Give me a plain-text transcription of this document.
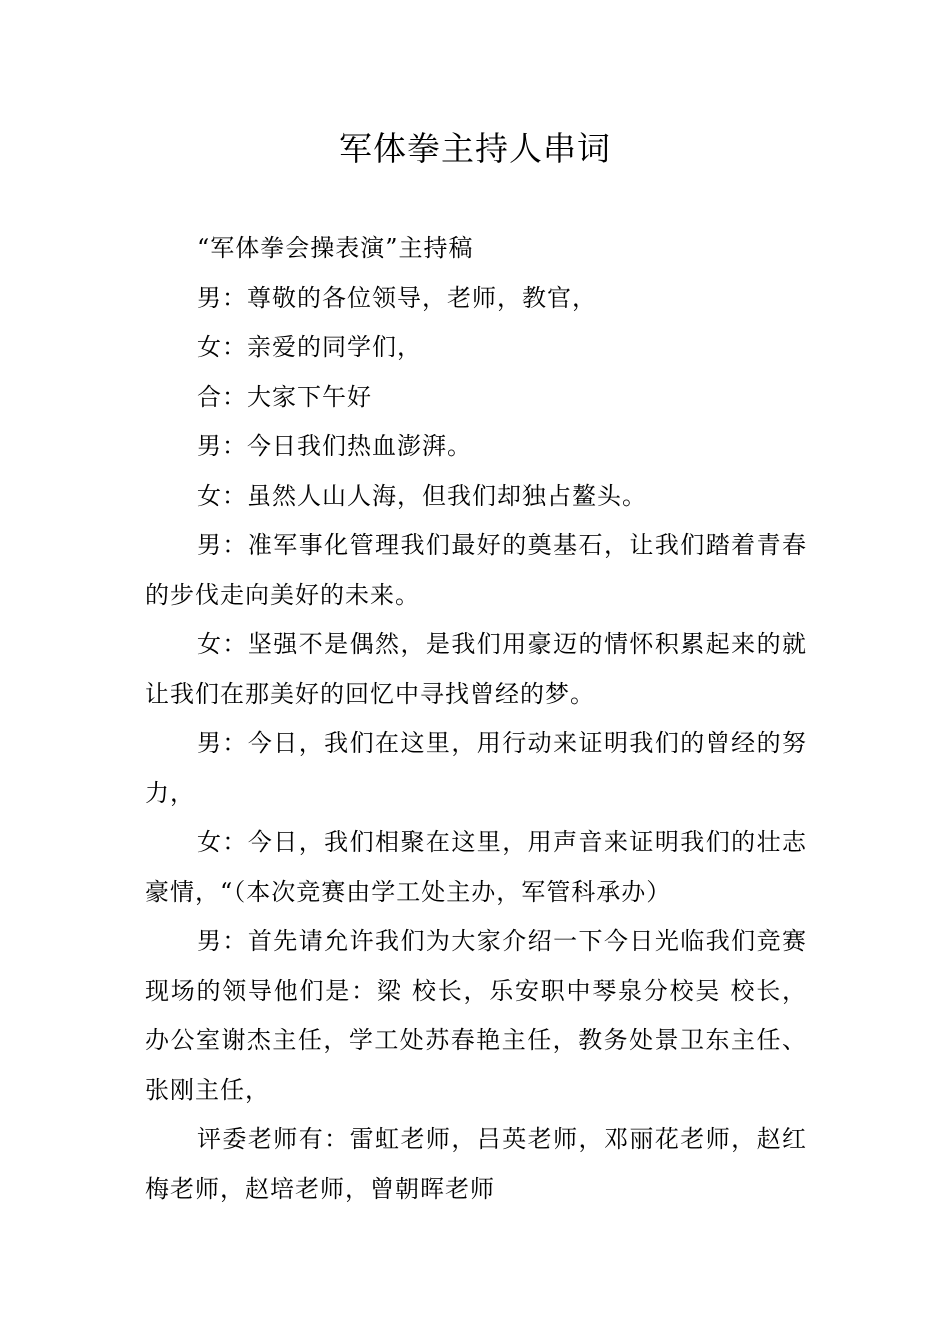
军体拳主持人串词

“军体拳会操表演”主持稿

男：尊敬的各位领导，老师，教官，

女：亲爱的同学们，

合：大家下午好

男：今日我们热血澎湃。

女：虽然人山人海，但我们却独占鳌头。

男：准军事化管理我们最好的奠基石，让我们踏着青春的步伐走向美好的未来。

女：坚强不是偶然，是我们用豪迈的情怀积累起来的就让我们在那美好的回忆中寻找曾经的梦。

男：今日，我们在这里，用行动来证明我们的曾经的努力，

女：今日，我们相聚在这里，用声音来证明我们的壮志豪情，“（本次竞赛由学工处主办，军管科承办）

男：首先请允许我们为大家介绍一下今日光临我们竞赛现场的领导他们是：梁 校长，乐安职中琴泉分校吴 校长，办公室谢杰主任，学工处苏春艳主任，教务处景卫东主任、张刚主任，

评委老师有：雷虹老师，吕英老师，邓丽花老师，赵红梅老师，赵培老师，曾朝晖老师
